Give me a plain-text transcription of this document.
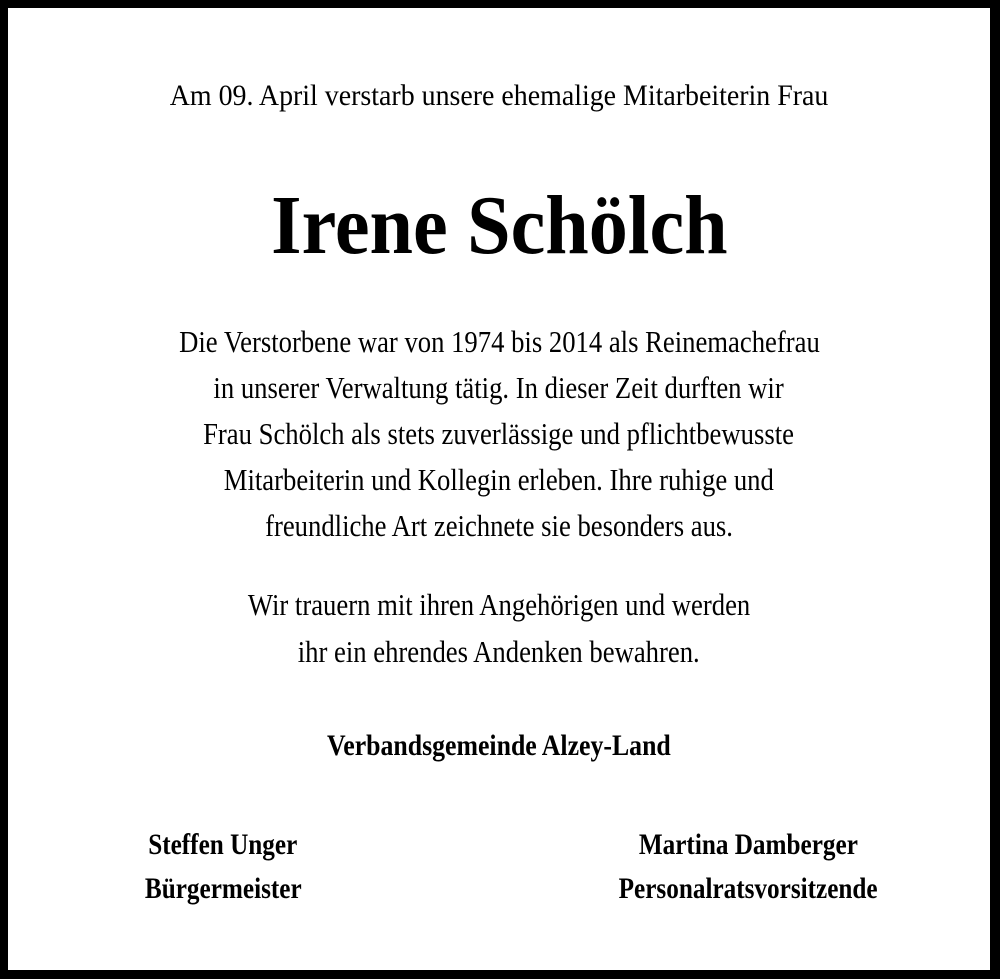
Am 09. April verstarb unsere ehemalige Mitarbeiterin Frau
Irene Schölch
Die Verstorbene war von 1974 bis 2014 als Reinemachefrau
in unserer Verwaltung tätig. In dieser Zeit durften wir
Frau Schölch als stets zuverlässige und pflichtbewusste
Mitarbeiterin und Kollegin erleben. Ihre ruhige und
freundliche Art zeichnete sie besonders aus.
Wir trauern mit ihren Angehörigen und werden
ihr ein ehrendes Andenken bewahren.
Verbandsgemeinde Alzey-Land
Steffen Unger
Bürgermeister
Martina Damberger
Personalratsvorsitzende
